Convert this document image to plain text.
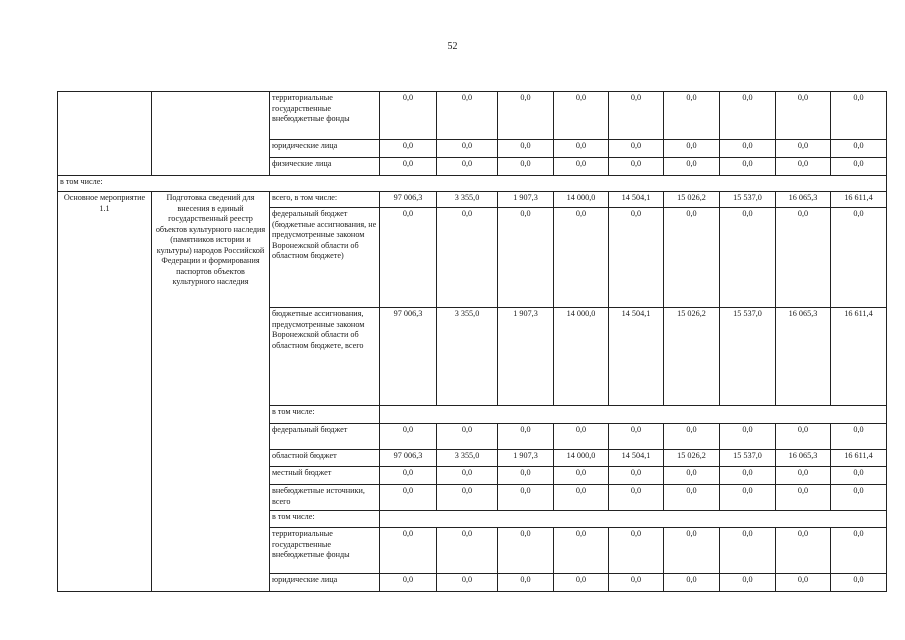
52
		территориальные государственные внебюджетные фонды	0,0	0,0	0,0	0,0	0,0	0,0	0,0	0,0	0,0
		юридические лица	0,0	0,0	0,0	0,0	0,0	0,0	0,0	0,0	0,0
		физические лица	0,0	0,0	0,0	0,0	0,0	0,0	0,0	0,0	0,0
в том числе:											
Основное мероприятие 1.1	Подготовка сведений для внесения в единый государственный реестр объектов культурного наследия (памятников истории и культуры) народов Российской Федерации и формирования паспортов объектов культурного наследия	всего, в том числе:	97 006,3	3 355,0	1 907,3	14 000,0	14 504,1	15 026,2	15 537,0	16 065,3	16 611,4
		федеральный бюджет (бюджетные ассигнования, не предусмотренные законом Воронежской области об областном бюджете)	0,0	0,0	0,0	0,0	0,0	0,0	0,0	0,0	0,0
		бюджетные ассигнования, предусмотренные законом Воронежской области об областном бюджете, всего	97 006,3	3 355,0	1 907,3	14 000,0	14 504,1	15 026,2	15 537,0	16 065,3	16 611,4
		в том числе:									
		федеральный бюджет	0,0	0,0	0,0	0,0	0,0	0,0	0,0	0,0	0,0
		областной бюджет	97 006,3	3 355,0	1 907,3	14 000,0	14 504,1	15 026,2	15 537,0	16 065,3	16 611,4
		местный бюджет	0,0	0,0	0,0	0,0	0,0	0,0	0,0	0,0	0,0
		внебюджетные источники, всего	0,0	0,0	0,0	0,0	0,0	0,0	0,0	0,0	0,0
		в том числе:									
		территориальные государственные внебюджетные фонды	0,0	0,0	0,0	0,0	0,0	0,0	0,0	0,0	0,0
		юридические лица	0,0	0,0	0,0	0,0	0,0	0,0	0,0	0,0	0,0
